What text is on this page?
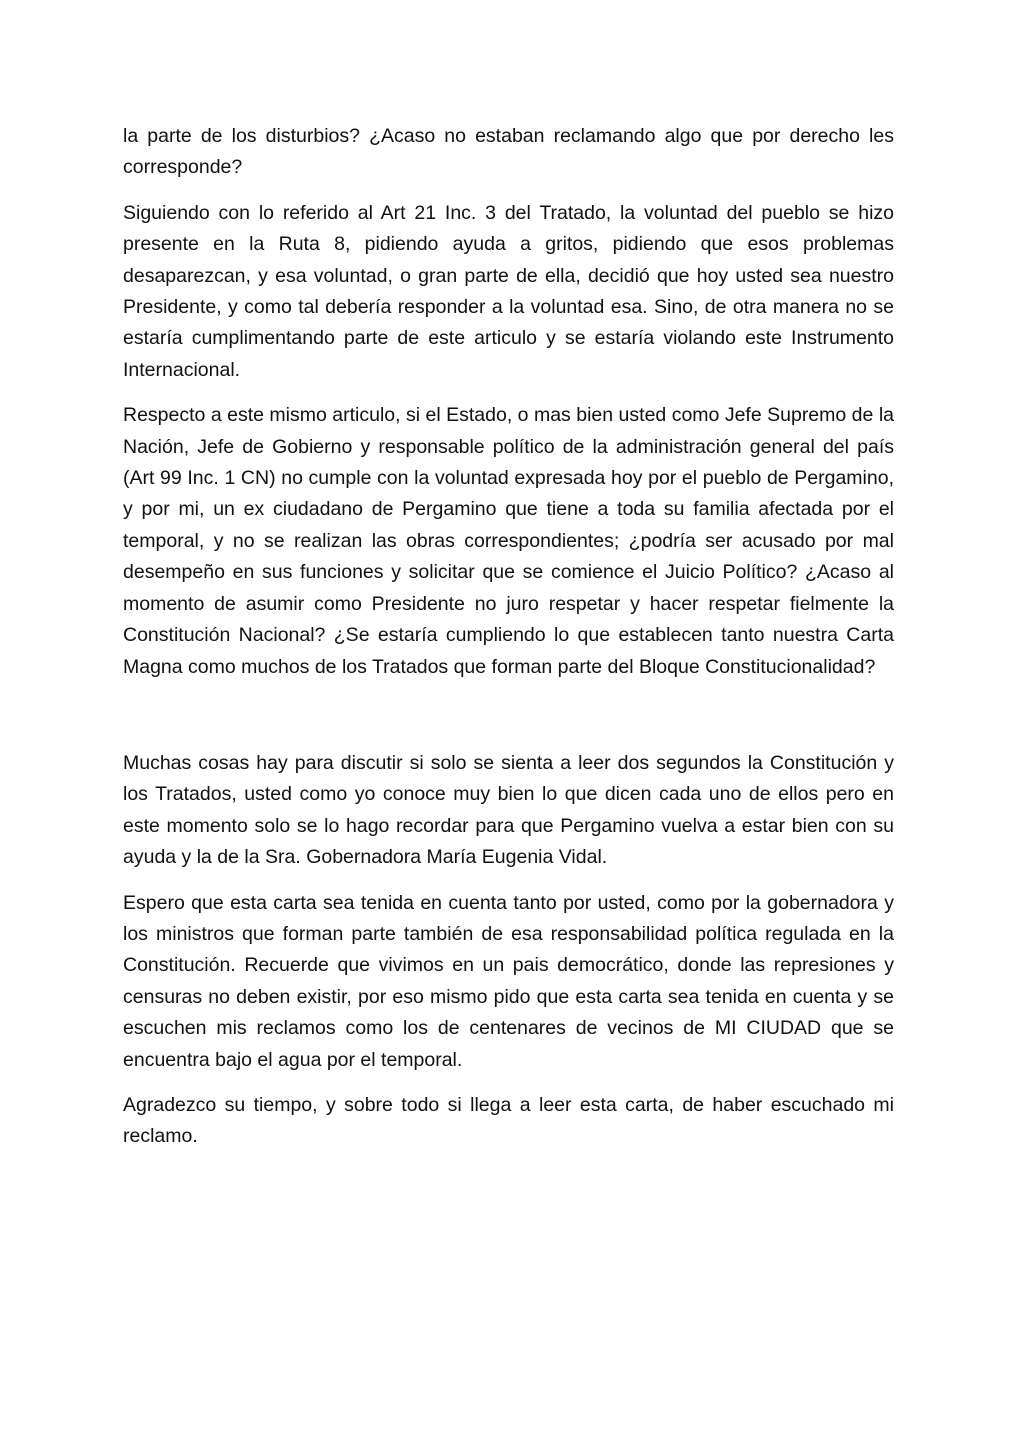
la parte de los disturbios? ¿Acaso no estaban reclamando algo que por derecho les corresponde?

Siguiendo con lo referido al Art 21 Inc. 3 del Tratado, la voluntad del pueblo se hizo presente en la Ruta 8, pidiendo ayuda a gritos, pidiendo que esos problemas desaparezcan, y esa voluntad, o gran parte de ella, decidió que hoy usted sea nuestro Presidente, y como tal debería responder a la voluntad esa. Sino, de otra manera no se estaría cumplimentando parte de este articulo y se estaría violando este Instrumento Internacional.

Respecto a este mismo articulo, si el Estado, o mas bien usted como Jefe Supremo de la Nación, Jefe de Gobierno y responsable político de la administración general del país (Art 99 Inc. 1 CN) no cumple con la voluntad expresada hoy por el pueblo de Pergamino, y por mi, un ex ciudadano de Pergamino que tiene a toda su familia afectada por el temporal, y no se realizan las obras correspondientes; ¿podría ser acusado por mal desempeño en sus funciones y solicitar que se comience el Juicio Político? ¿Acaso al momento de asumir como Presidente no juro respetar y hacer respetar fielmente la Constitución Nacional? ¿Se estaría cumpliendo lo que establecen tanto nuestra Carta Magna como muchos de los Tratados que forman parte del Bloque Constitucionalidad?

Muchas cosas hay para discutir si solo se sienta a leer dos segundos la Constitución y los Tratados, usted como yo conoce muy bien lo que dicen cada uno de ellos pero en este momento solo se lo hago recordar para que Pergamino vuelva a estar bien con su ayuda y la de la Sra. Gobernadora María Eugenia Vidal.

Espero que esta carta sea tenida en cuenta tanto por usted, como por la gobernadora y los ministros que forman parte también de esa responsabilidad política regulada en la Constitución. Recuerde que vivimos en un pais democrático, donde las represiones y censuras no deben existir, por eso mismo pido que esta carta sea tenida en cuenta y se escuchen mis reclamos como los de centenares de vecinos de MI CIUDAD que se encuentra bajo el agua por el temporal.

Agradezco su tiempo, y sobre todo si llega a leer esta carta, de haber escuchado mi reclamo.
